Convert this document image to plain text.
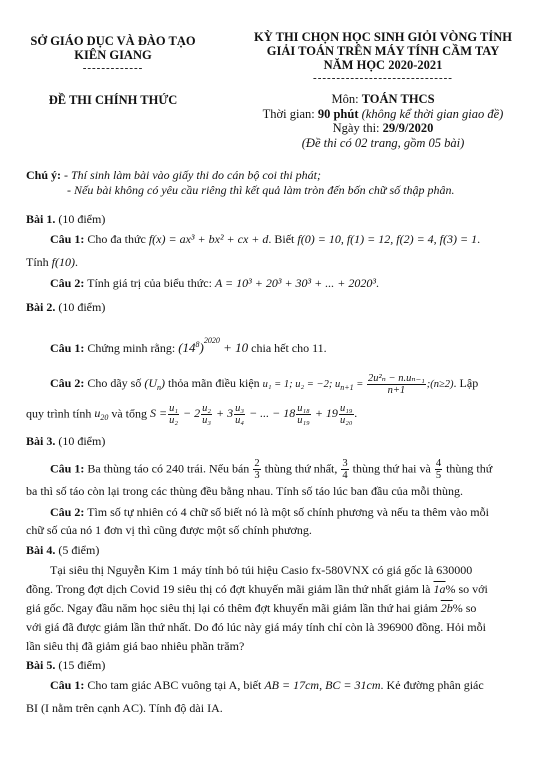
SỞ GIÁO DỤC VÀ ĐÀO TẠO
KIÊN GIANG
-------------
ĐỀ THI CHÍNH THỨC
KỲ THI CHỌN HỌC SINH GIỎI VÒNG TỈNH
GIẢI TOÁN TRÊN MÁY TÍNH CẦM TAY
NĂM HỌC 2020-2021
------------------------------
Môn: TOÁN THCS
Thời gian: 90 phút (không kể thời gian giao đề)
Ngày thi: 29/9/2020
(Đề thi có 02 trang, gồm 05 bài)
Chú ý: - Thí sinh làm bài vào giấy thi do cán bộ coi thi phát;
- Nếu bài không có yêu cầu riêng thì kết quả làm tròn đến bốn chữ số thập phân.
Bài 1. (10 điểm)
Câu 1: Cho đa thức f(x) = ax³ + bx² + cx + d. Biết f(0) = 10, f(1) = 12, f(2) = 4, f(3) = 1.
Tính f(10).
Câu 2: Tính giá trị của biểu thức: A = 10³ + 20³ + 30³ + ... + 2020³.
Bài 2. (10 điểm)
Câu 1: Chứng minh rằng: $(14^8)^{2020} + 10$ chia hết cho 11.
Câu 2: Cho dãy số $(U_n)$ thỏa mãn điều kiện u₁ = 1; u₂ = −2; $u_{n+1} = \frac{\text{2u²ₙ − n.uₙ₋₁}}{n+1}$ ;(n≥2). Lập
quy trình tính $u_{20}$ và tổng $S = \frac{\text{u₁}}{\text{u₂}} - 2 \frac{\text{u₂}}{\text{u₃}} + 3 \frac{\text{u₃}}{\text{u₄}}$ − ... − $18 \frac{\text{u₁₈}}{\text{u₁₉}} + 19 \frac{\text{u₁₉}}{\text{u₂₀}}$ .
Bài 3. (10 điểm)
Câu 1: Ba thùng táo có 240 trái. Nếu bán $\frac{2}{3}$ thùng thứ nhất, $\frac{3}{4}$ thùng thứ hai và $\frac{4}{5}$ thùng thứ
ba thì số táo còn lại trong các thùng đều bằng nhau. Tính số táo lúc ban đầu của mỗi thùng.
Câu 2: Tìm số tự nhiên có 4 chữ số biết nó là một số chính phương và nếu ta thêm vào mỗi
chữ số của nó 1 đơn vị thì cũng được một số chính phương.
Bài 4. (5 điểm)
Tại siêu thị Nguyễn Kim 1 máy tính bỏ túi hiệu Casio fx-580VNX có giá gốc là 630000
đồng. Trong đợt dịch Covid 19 siêu thị có đợt khuyến mãi giảm lần thứ nhất giảm là 1a% so với
giá gốc. Ngay đầu năm học siêu thị lại có thêm đợt khuyến mãi giảm lần thứ hai giảm 2b% so
với giá đã được giảm lần thứ nhất. Do đó lúc này giá máy tính chỉ còn là 396900 đồng. Hỏi mỗi
lần siêu thị đã giảm giá bao nhiêu phần trăm?
Bài 5. (15 điểm)
Câu 1: Cho tam giác ABC vuông tại A, biết AB = 17cm, BC = 31cm. Kẻ đường phân giác
BI (I nằm trên cạnh AC). Tính độ dài IA.
